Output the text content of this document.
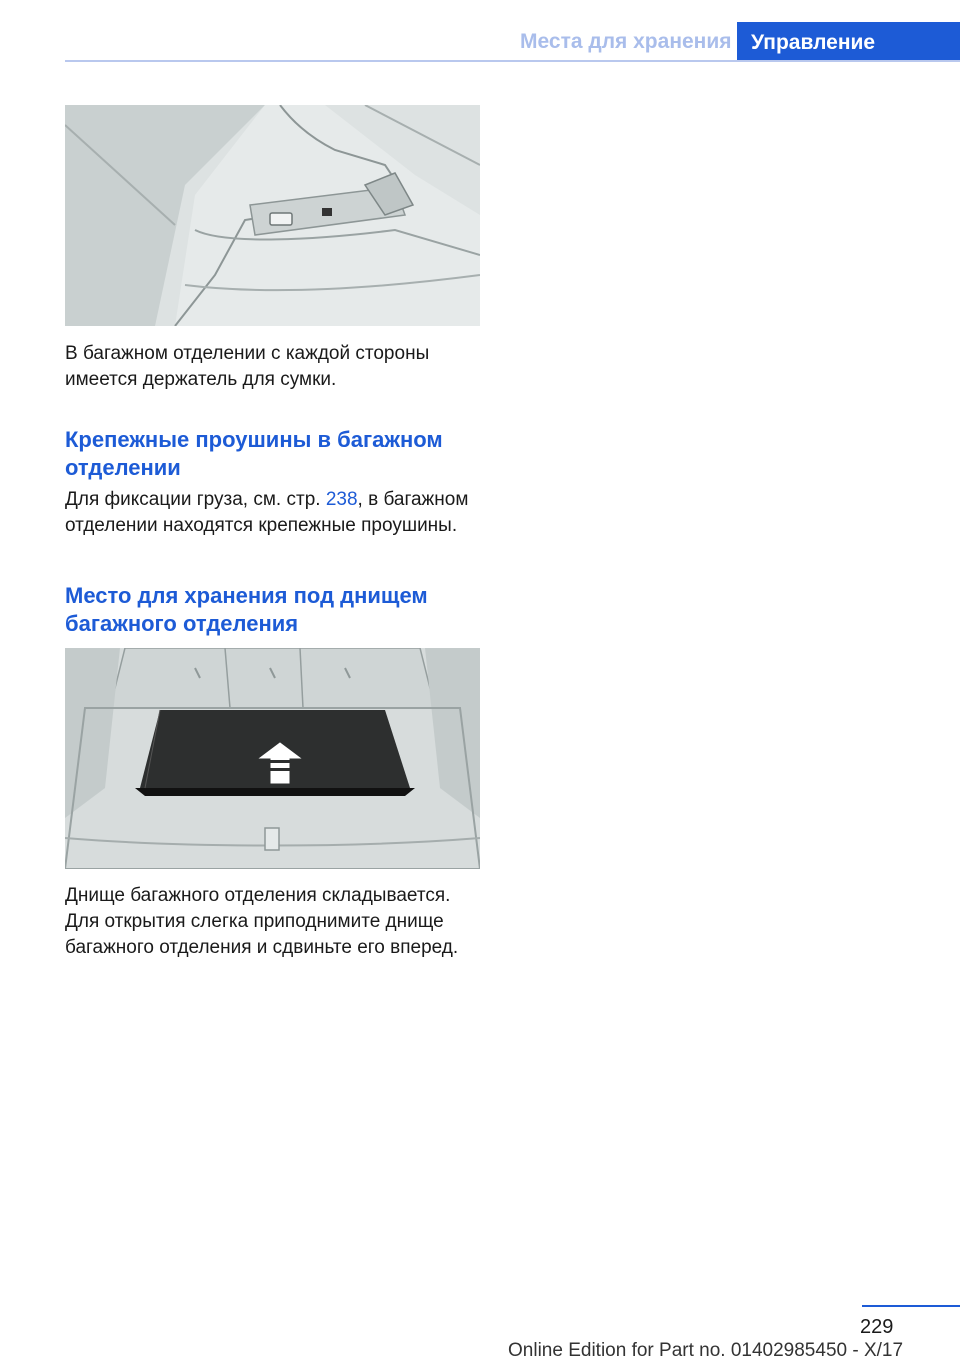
Места для хранения Управление
В багажном отделении с каждой стороны имеется держатель для сумки.
Крепежные проушины в багажном отделении
Для фиксации груза, см. стр. 238, в багажном отделении находятся крепежные проушины.
Место для хранения под днищем багажного отделения
Днище багажного отделения складывается. Для открытия слегка приподнимите днище багажного отделения и сдвиньте его вперед.
229
Online Edition for Part no. 01402985450 - X/17
